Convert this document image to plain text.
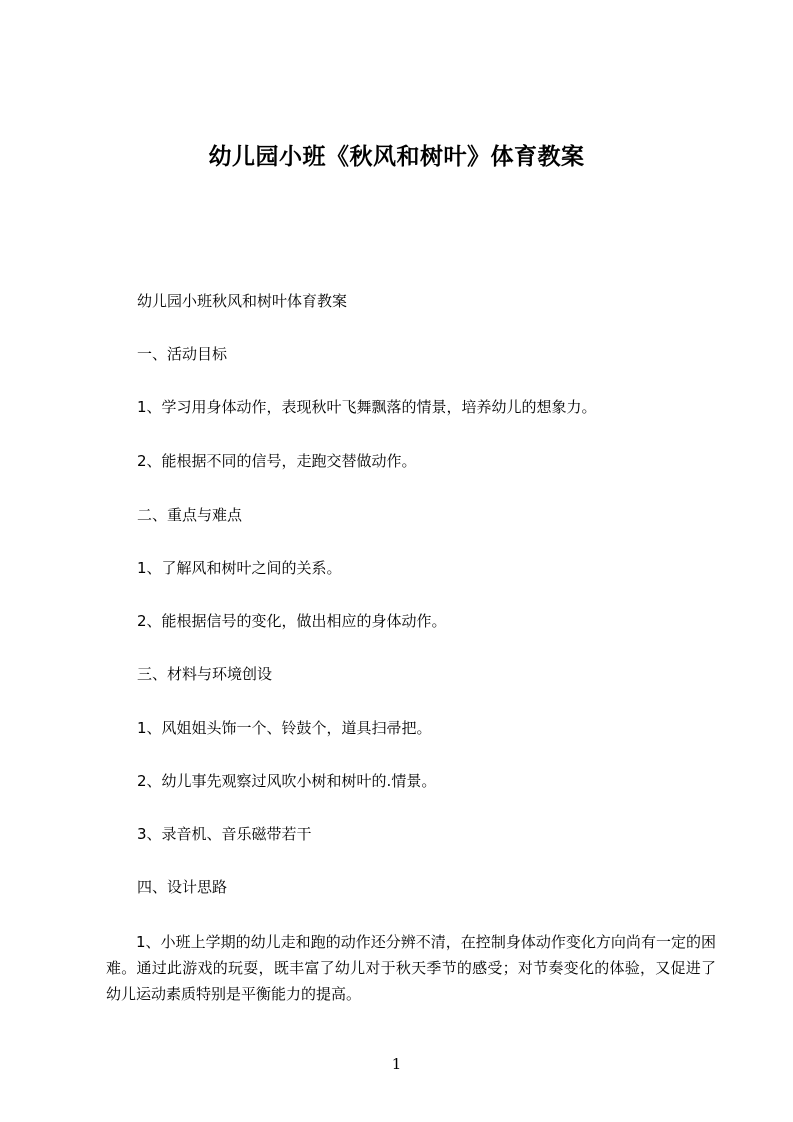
幼儿园小班《秋风和树叶》体育教案
幼儿园小班秋风和树叶体育教案
一、活动目标
1、学习用身体动作，表现秋叶飞舞飘落的情景，培养幼儿的想象力。
2、能根据不同的信号，走跑交替做动作。
二、重点与难点
1、了解风和树叶之间的关系。
2、能根据信号的变化，做出相应的身体动作。
三、材料与环境创设
1、风姐姐头饰一个、铃鼓个，道具扫帚把。
2、幼儿事先观察过风吹小树和树叶的.情景。
3、录音机、音乐磁带若干
四、设计思路
1、小班上学期的幼儿走和跑的动作还分辨不清，在控制身体动作变化方向尚有一定的困难。通过此游戏的玩耍，既丰富了幼儿对于秋天季节的感受；对节奏变化的体验，又促进了幼儿运动素质特别是平衡能力的提高。
1
